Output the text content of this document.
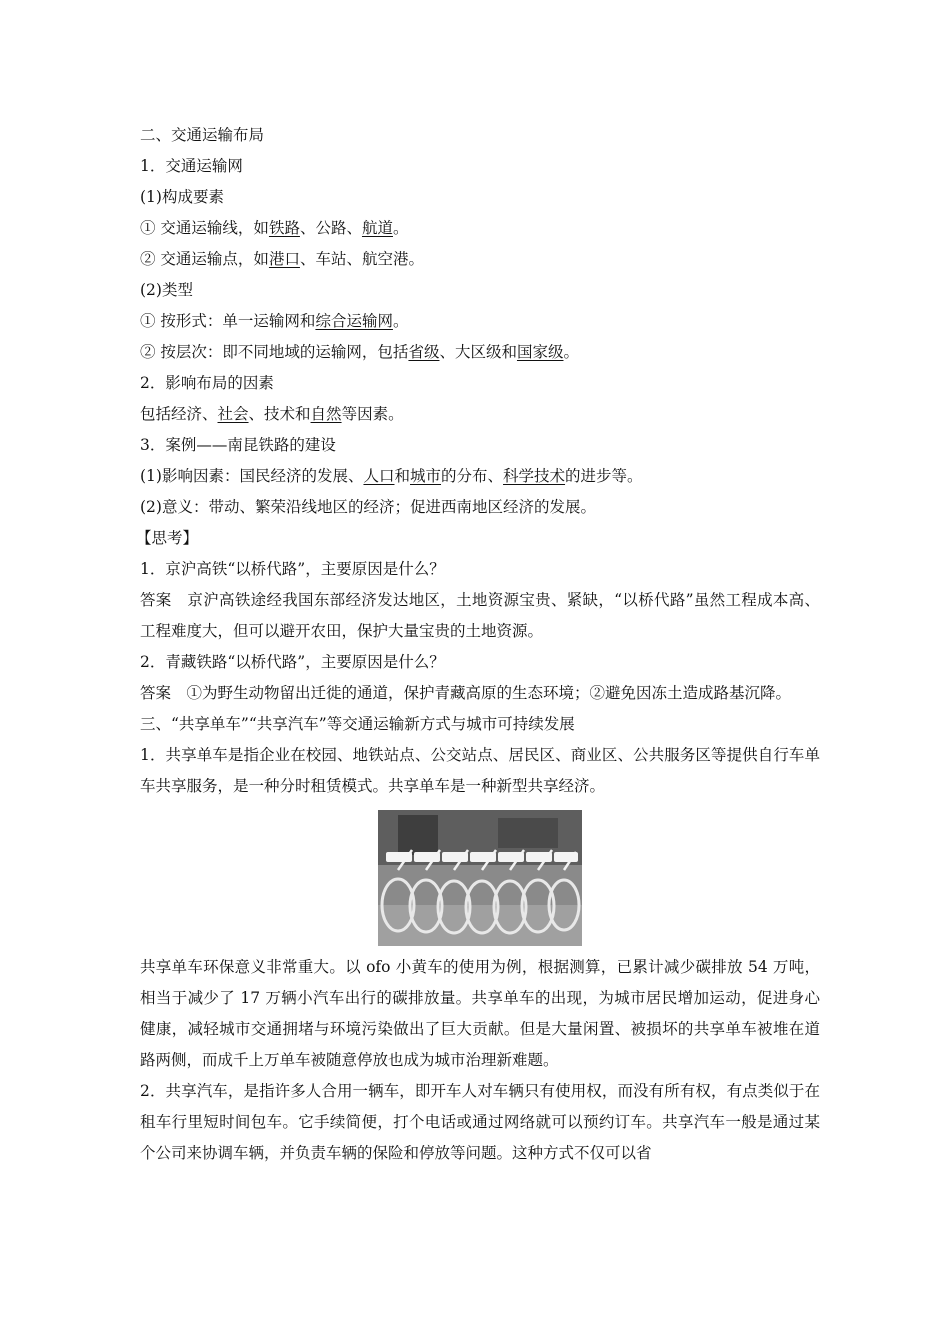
二、交通运输布局
1．交通运输网
(1)构成要素
① 交通运输线，如铁路、公路、航道。
② 交通运输点，如港口、车站、航空港。
(2)类型
① 按形式：单一运输网和综合运输网。
② 按层次：即不同地域的运输网，包括省级、大区级和国家级。
2．影响布局的因素
包括经济、社会、技术和自然等因素。
3．案例——南昆铁路的建设
(1)影响因素：国民经济的发展、人口和城市的分布、科学技术的进步等。
(2)意义：带动、繁荣沿线地区的经济；促进西南地区经济的发展。
【思考】
1．京沪高铁“以桥代路”，主要原因是什么？
答案　京沪高铁途经我国东部经济发达地区，土地资源宝贵、紧缺，“以桥代路”虽然工程成本高、工程难度大，但可以避开农田，保护大量宝贵的土地资源。
2．青藏铁路“以桥代路”，主要原因是什么？
答案　①为野生动物留出迁徙的通道，保护青藏高原的生态环境；②避免因冻土造成路基沉降。
三、“共享单车”“共享汽车”等交通运输新方式与城市可持续发展
1．共享单车是指企业在校园、地铁站点、公交站点、居民区、商业区、公共服务区等提供自行车单车共享服务，是一种分时租赁模式。共享单车是一种新型共享经济。
共享单车环保意义非常重大。以 ofo 小黄车的使用为例，根据测算，已累计减少碳排放 54 万吨，相当于减少了 17 万辆小汽车出行的碳排放量。共享单车的出现，为城市居民增加运动，促进身心健康，减轻城市交通拥堵与环境污染做出了巨大贡献。但是大量闲置、被损坏的共享单车被堆在道路两侧，而成千上万单车被随意停放也成为城市治理新难题。
2．共享汽车，是指许多人合用一辆车，即开车人对车辆只有使用权，而没有所有权，有点类似于在租车行里短时间包车。它手续简便，打个电话或通过网络就可以预约订车。共享汽车一般是通过某个公司来协调车辆，并负责车辆的保险和停放等问题。这种方式不仅可以省
